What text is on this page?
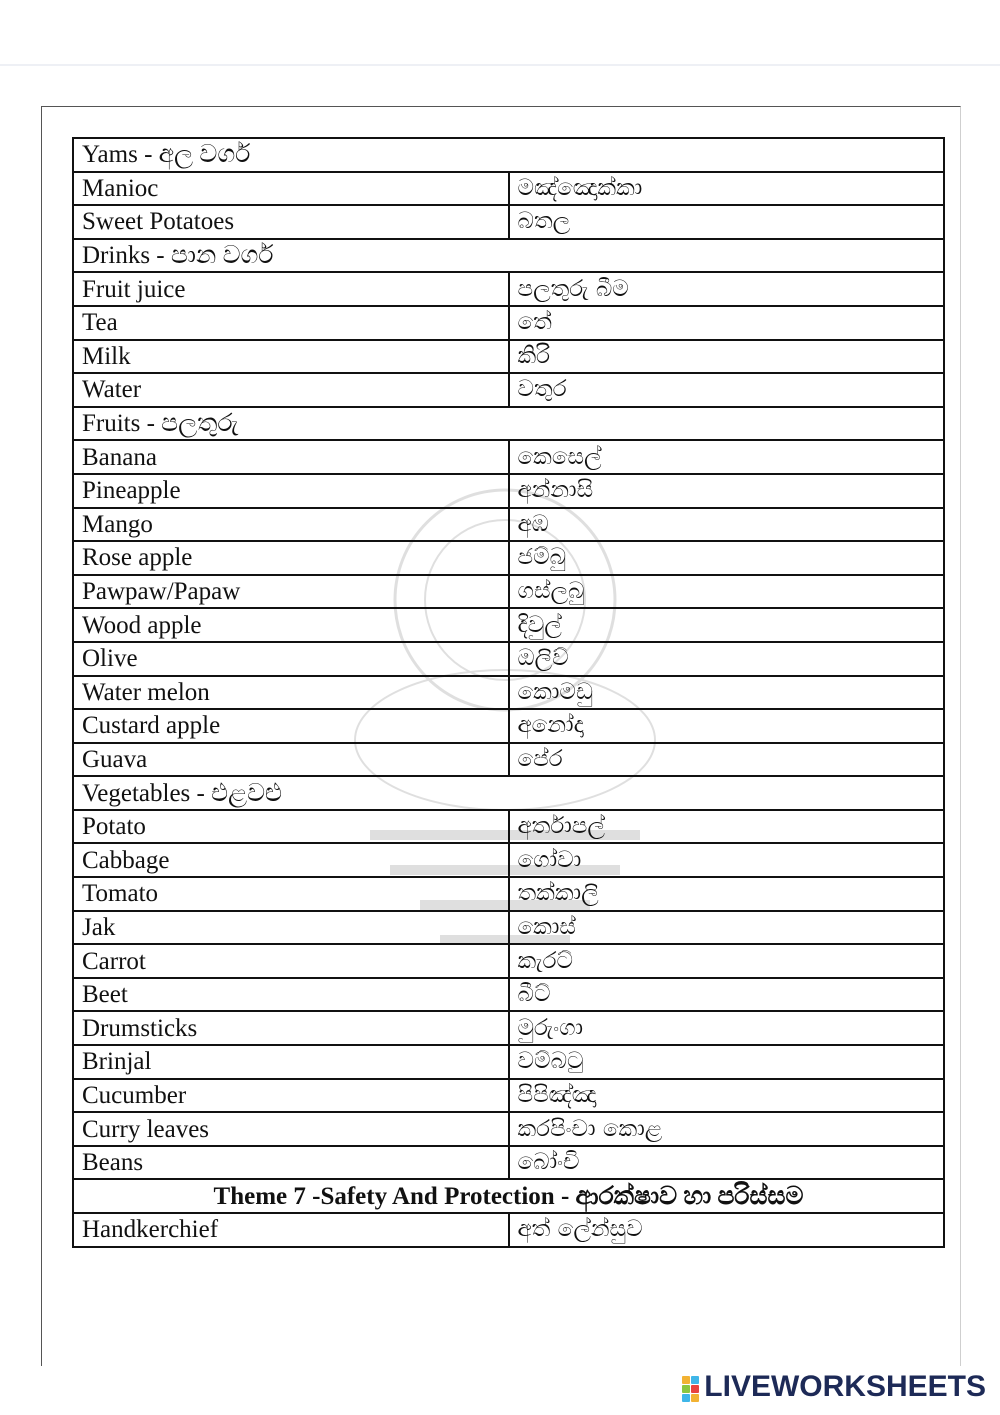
Yams - අල වර්ග	
Manioc	මඤ්ඤොක්කා
Sweet Potatoes	බතල
Drinks - පාන වර්ග	
Fruit juice	පලතුරු බීම
Tea	තේ
Milk	කිරි
Water	වතුර
Fruits - පලතුරු	
Banana	කෙසෙල්
Pineapple	අන්නාසි
Mango	අඹ
Rose apple	ජම්බු
Pawpaw/Papaw	ගස්ලබු
Wood apple	දිවුල්
Olive	ඔලිව්
Water melon	කොමඩු
Custard apple	අනෝදා
Guava	පේර
Vegetables - එළවළු	
Potato	අර්තාපල්
Cabbage	ගෝවා
Tomato	තක්කාලි
Jak	කොස්
Carrot	කැරට්
Beet	බීට්
Drumsticks	මුරුංගා
Brinjal	වම්බටු
Cucumber	පිපිඤ්ඤා
Curry leaves	කරපිංචා කොළ
Beans	බෝංචි
Theme 7 -Safety And Protection - ආරක්ෂාව හා පරිස්සම	
Handkerchief	අත් ලේන්සුව
LIVEWORKSHEETS
